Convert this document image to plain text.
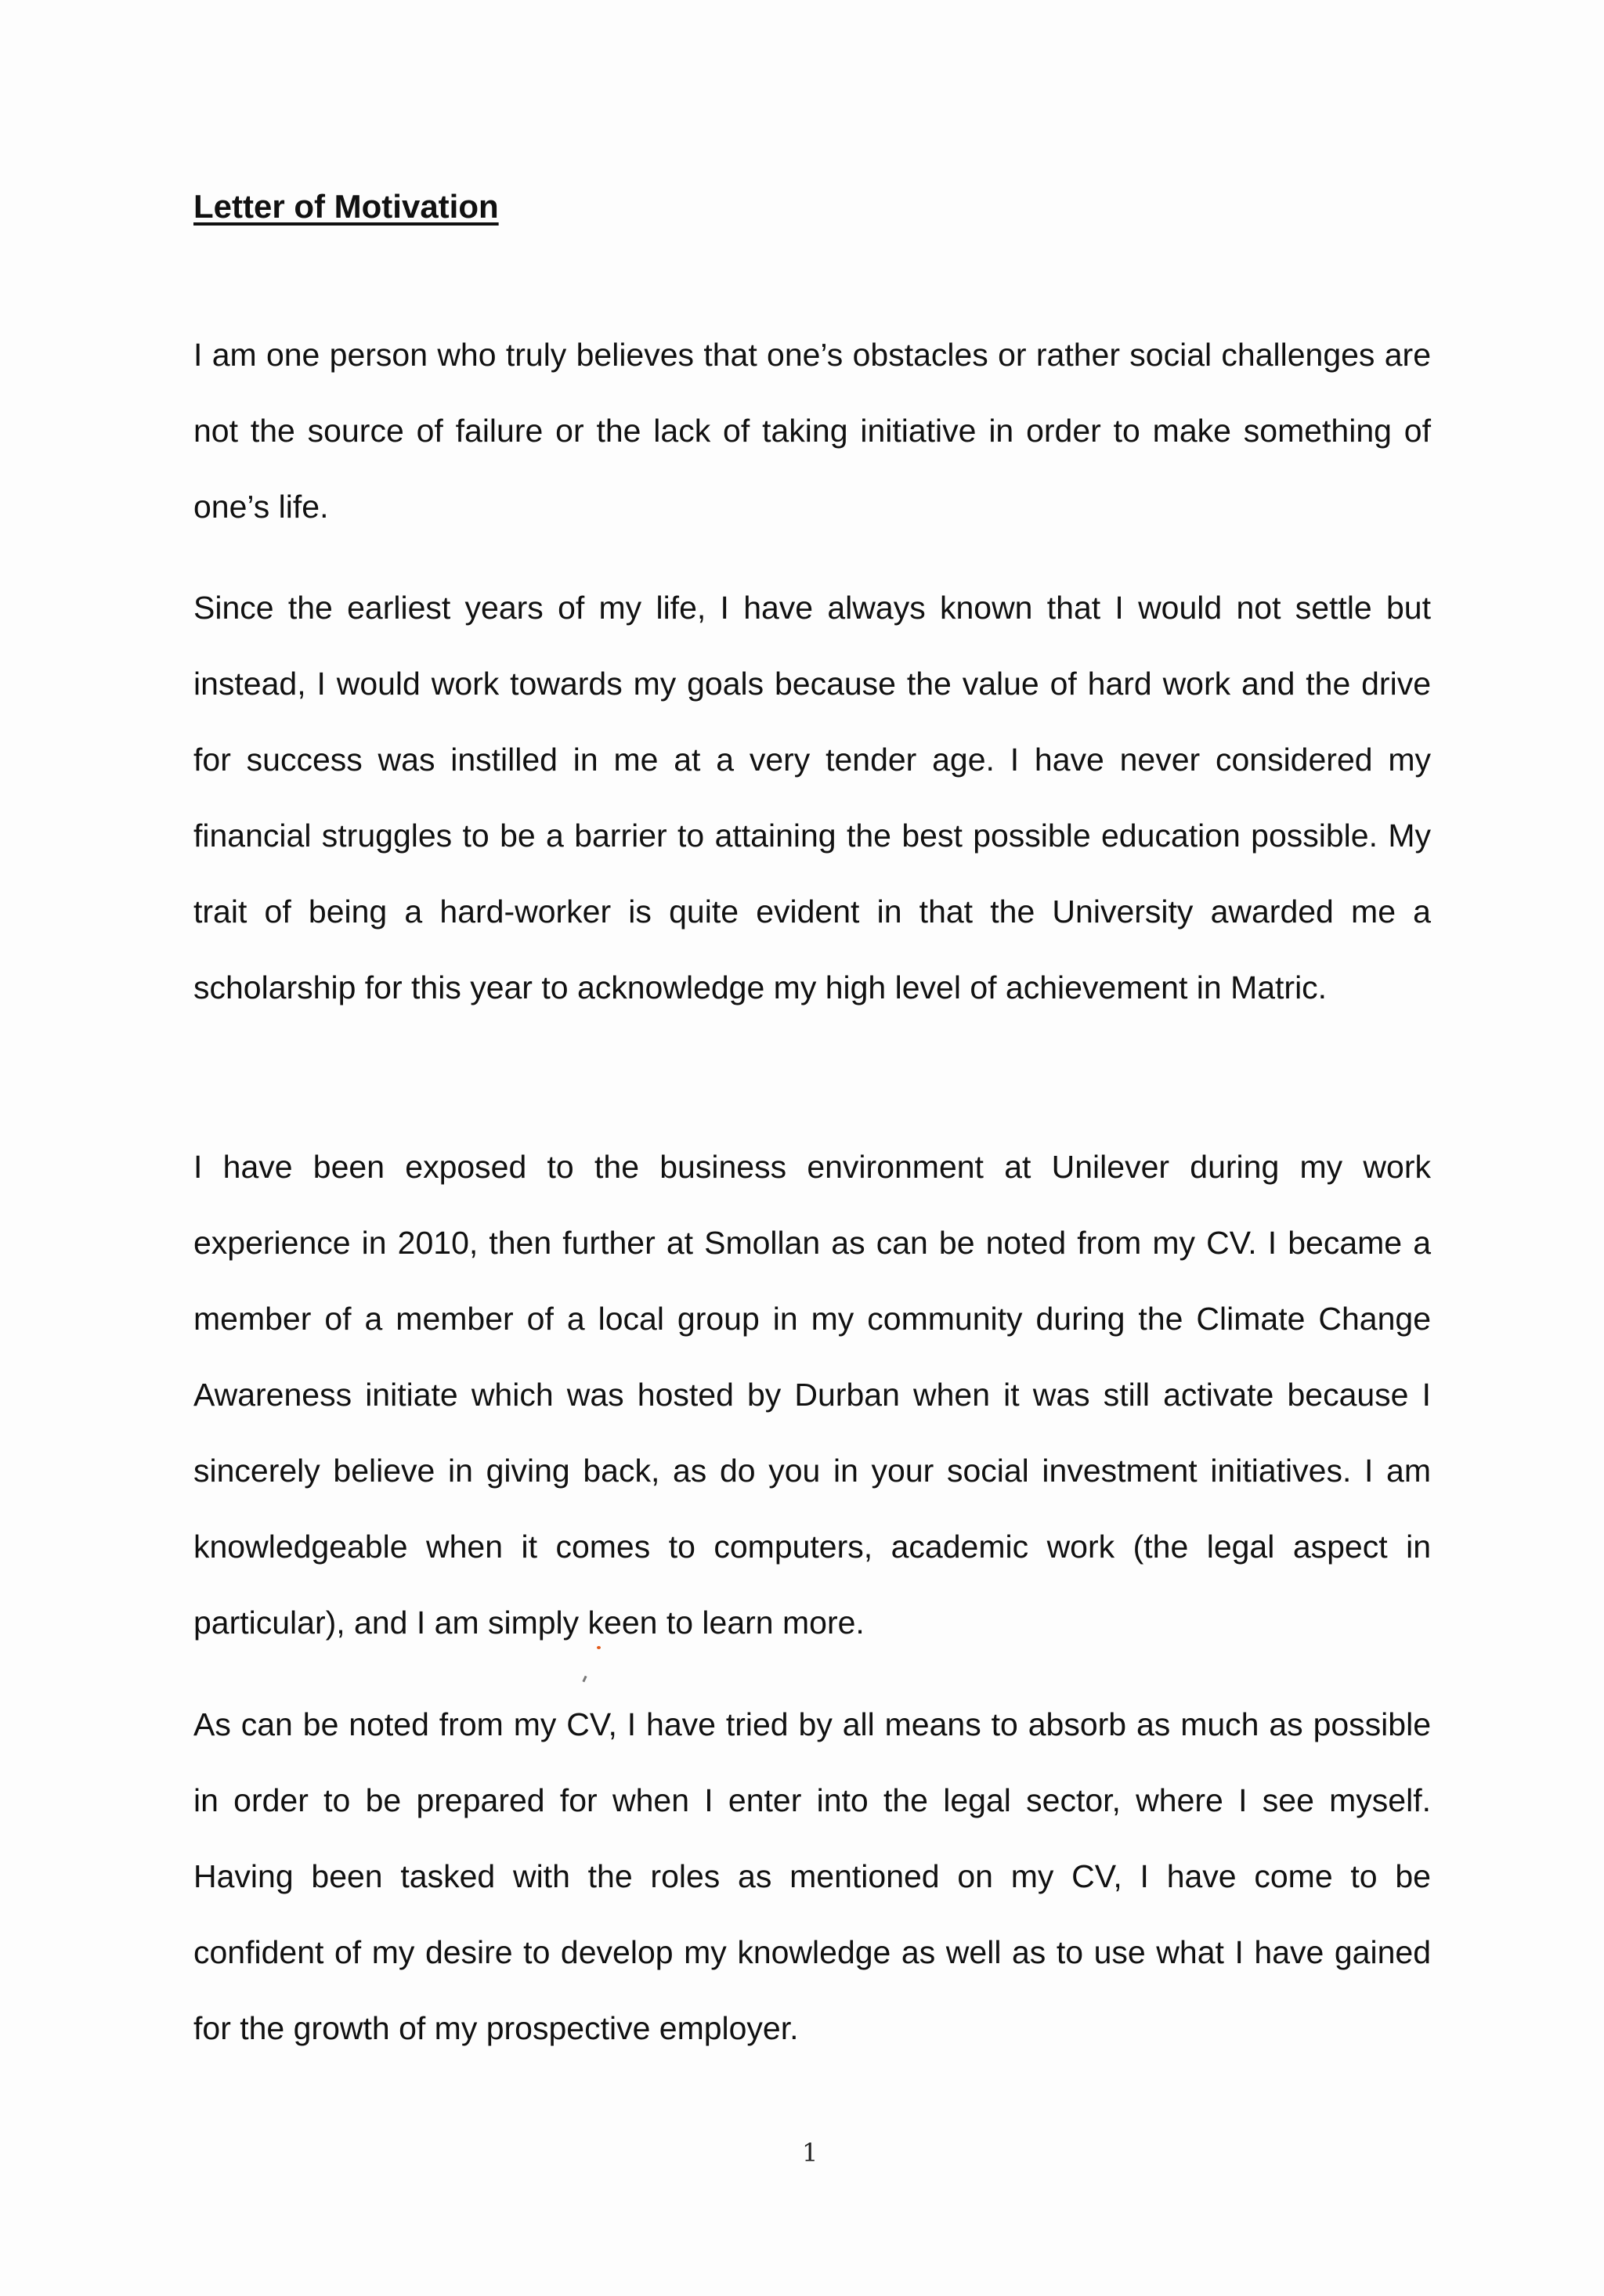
Letter of Motivation

I am one person who truly believes that one’s obstacles or rather social challenges are not the source of failure or the lack of taking initiative in order to make something of one’s life.

Since the earliest years of my life, I have always known that I would not settle but instead, I would work towards my goals because the value of hard work and the drive for success was instilled in me at a very tender age. I have never considered my financial struggles to be a barrier to attaining the best possible education possible. My trait of being a hard-worker is quite evident in that the University awarded me a scholarship for this year to acknowledge my high level of achievement in Matric.

I have been exposed to the business environment at Unilever during my work experience in 2010, then further at Smollan as can be noted from my CV. I became a member of a member of a local group in my community during the Climate Change Awareness initiate which was hosted by Durban when it was still activate because I sincerely believe in giving back, as do you in your social investment initiatives. I am knowledgeable when it comes to computers, academic work (the legal aspect in particular), and I am simply keen to learn more.

As can be noted from my CV, I have tried by all means to absorb as much as possible in order to be prepared for when I enter into the legal sector, where I see myself. Having been tasked with the roles as mentioned on my CV, I have come to be confident of my desire to develop my knowledge as well as to use what I have gained for the growth of my prospective employer.

1
